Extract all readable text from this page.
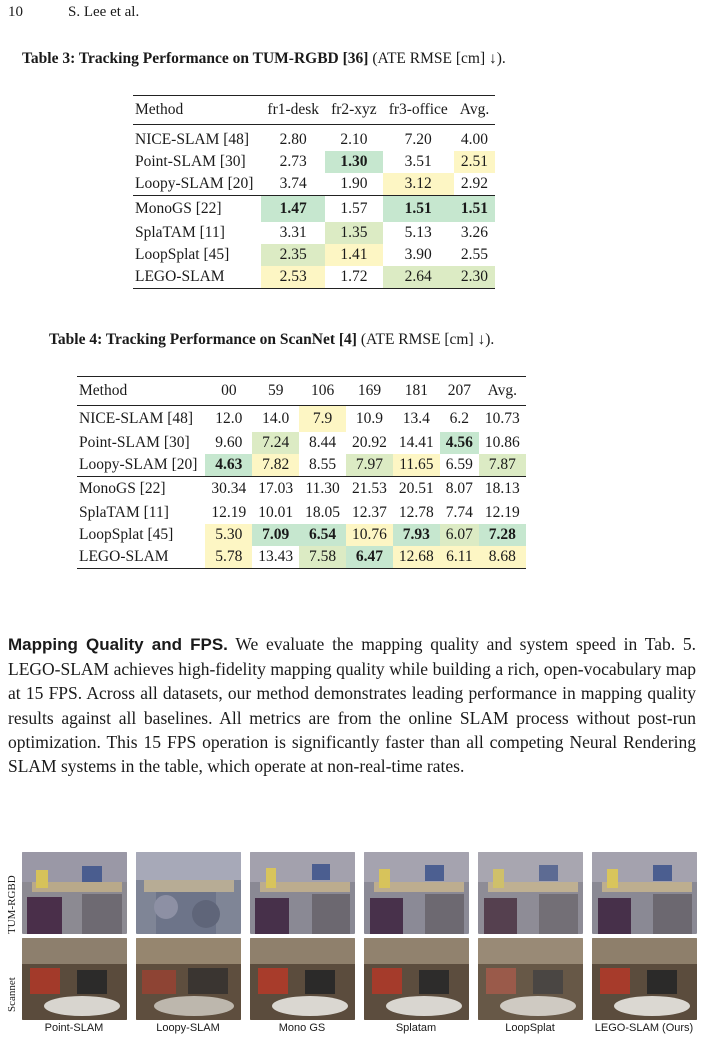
10	S. Lee et al.
Table 3: Tracking Performance on TUM-RGBD [36] (ATE RMSE [cm] ↓).
Method	fr1-desk	fr2-xyz	fr3-office	Avg.
NICE-SLAM [48]	2.80	2.10	7.20	4.00
Point-SLAM [30]	2.73	1.30	3.51	2.51
Loopy-SLAM [20]	3.74	1.90	3.12	2.92
MonoGS [22]	1.47	1.57	1.51	1.51
SplaTAM [11]	3.31	1.35	5.13	3.26
LoopSplat [45]	2.35	1.41	3.90	2.55
LEGO-SLAM	2.53	1.72	2.64	2.30
Table 4: Tracking Performance on ScanNet [4] (ATE RMSE [cm] ↓).
Method	00	59	106	169	181	207	Avg.
NICE-SLAM [48]	12.0	14.0	7.9	10.9	13.4	6.2	10.73
Point-SLAM [30]	9.60	7.24	8.44	20.92	14.41	4.56	10.86
Loopy-SLAM [20]	4.63	7.82	8.55	7.97	11.65	6.59	7.87
MonoGS [22]	30.34	17.03	11.30	21.53	20.51	8.07	18.13
SplaTAM [11]	12.19	10.01	18.05	12.37	12.78	7.74	12.19
LoopSplat [45]	5.30	7.09	6.54	10.76	7.93	6.07	7.28
LEGO-SLAM	5.78	13.43	7.58	6.47	12.68	6.11	8.68
Mapping Quality and FPS. We evaluate the mapping quality and system speed in Tab. 5. LEGO-SLAM achieves high-fidelity mapping quality while building a rich, open-vocabulary map at 15 FPS. Across all datasets, our method demonstrates leading performance in mapping quality results against all baselines. All metrics are from the online SLAM process without post-run optimization. This 15 FPS operation is significantly faster than all competing Neural Rendering SLAM systems in the table, which operate at non-real-time rates.
TUM-RGBD
Scannet
Point-SLAM	Loopy-SLAM	Mono GS	Splatam	LoopSplat	LEGO-SLAM (Ours)
